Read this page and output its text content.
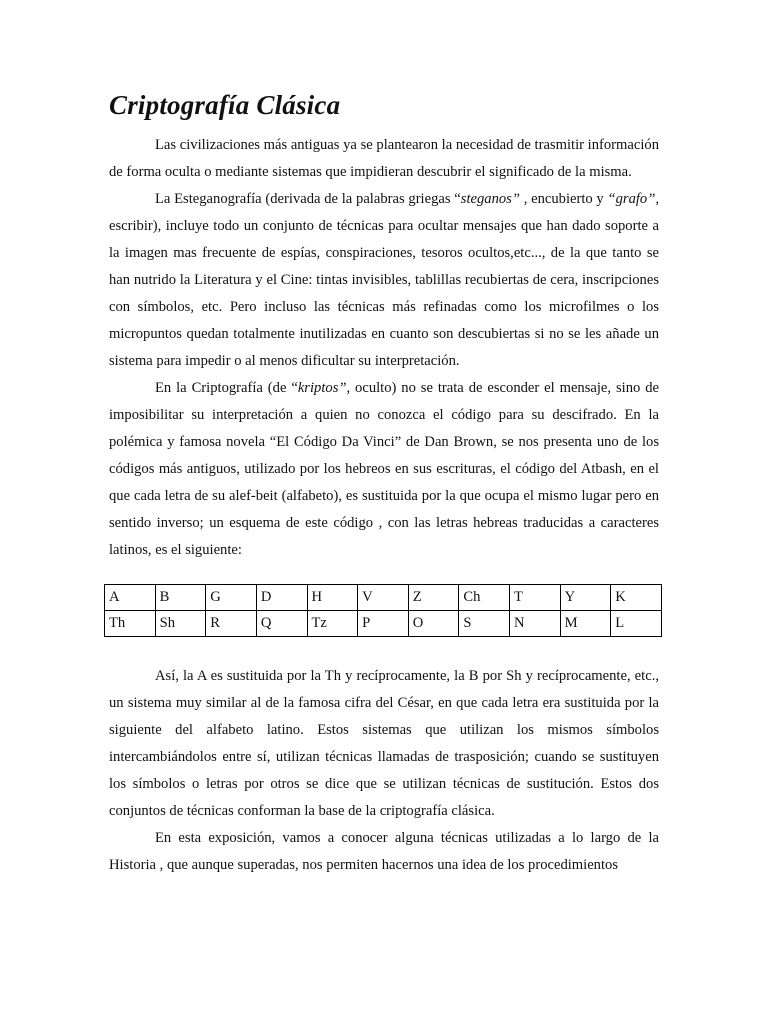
Criptografía Clásica

Las civilizaciones más antiguas ya se plantearon la necesidad de trasmitir información de forma oculta o mediante sistemas que impidieran descubrir el significado de la misma.

La Esteganografía (derivada de la palabras griegas “steganos” , encubierto y “grafo”, escribir), incluye todo un conjunto de técnicas para ocultar mensajes que han dado soporte a la imagen mas frecuente de espías, conspiraciones, tesoros ocultos,etc..., de la que tanto se han nutrido la Literatura y el Cine: tintas invisibles, tablillas recubiertas de cera, inscripciones con símbolos, etc. Pero incluso las técnicas más refinadas como los microfilmes o los micropuntos quedan totalmente inutilizadas en cuanto son descubiertas si no se les añade un sistema para impedir o al menos dificultar su interpretación.

En la Criptografía (de “kriptos”, oculto) no se trata de esconder el mensaje, sino de imposibilitar su interpretación a quien no conozca el código para su descifrado. En la polémica y famosa novela “El Código Da Vinci” de Dan Brown, se nos presenta uno de los códigos más antiguos, utilizado por los hebreos en sus escrituras, el código del Atbash, en el que cada letra de su alef-beit (alfabeto), es sustituida por la que ocupa el mismo lugar pero en sentido inverso; un esquema de este código , con las letras hebreas traducidas a caracteres latinos, es el siguiente:

A	B	G	D	H	V	Z	Ch	T	Y	K
Th	Sh	R	Q	Tz	P	O	S	N	M	L

Así, la A es sustituida por la Th y recíprocamente, la B por Sh y recíprocamente, etc., un sistema muy similar al de la famosa cifra del César, en que cada letra era sustituida por la siguiente del alfabeto latino. Estos sistemas que utilizan los mismos símbolos intercambiándolos entre sí, utilizan técnicas llamadas de trasposición; cuando se sustituyen los símbolos o letras por otros se dice que se utilizan técnicas de sustitución. Estos dos conjuntos de técnicas conforman la base de la criptografía clásica.

En esta exposición, vamos a conocer alguna técnicas utilizadas a lo largo de la Historia , que aunque superadas, nos permiten hacernos una idea de los procedimientos
